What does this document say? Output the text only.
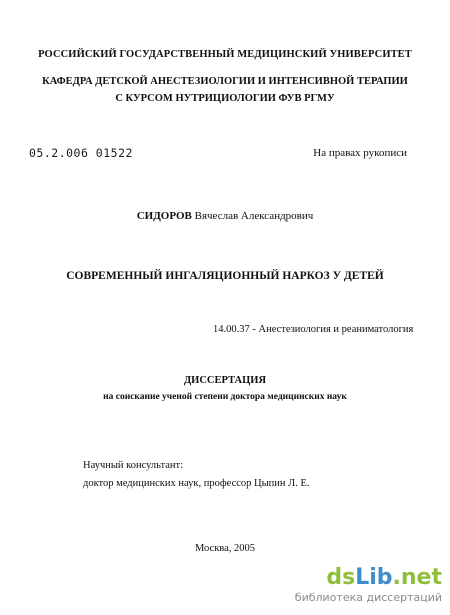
РОССИЙСКИЙ ГОСУДАРСТВЕННЫЙ МЕДИЦИНСКИЙ УНИВЕРСИТЕТ
КАФЕДРА ДЕТСКОЙ АНЕСТЕЗИОЛОГИИ И ИНТЕНСИВНОЙ ТЕРАПИИ
С КУРСОМ НУТРИЦИОЛОГИИ ФУВ РГМУ
05.2.006 01522	На правах рукописи
СИДОРОВ Вячеслав Александрович
СОВРЕМЕННЫЙ ИНГАЛЯЦИОННЫЙ НАРКОЗ У ДЕТЕЙ
14.00.37 - Анестезиология и реаниматология
ДИССЕРТАЦИЯ
на соискание ученой степени доктора медицинских наук
Научный консультант:
доктор медицинских наук, профессор Цыпин Л. Е.
Москва, 2005
dsLib.net
библиотека диссертаций
